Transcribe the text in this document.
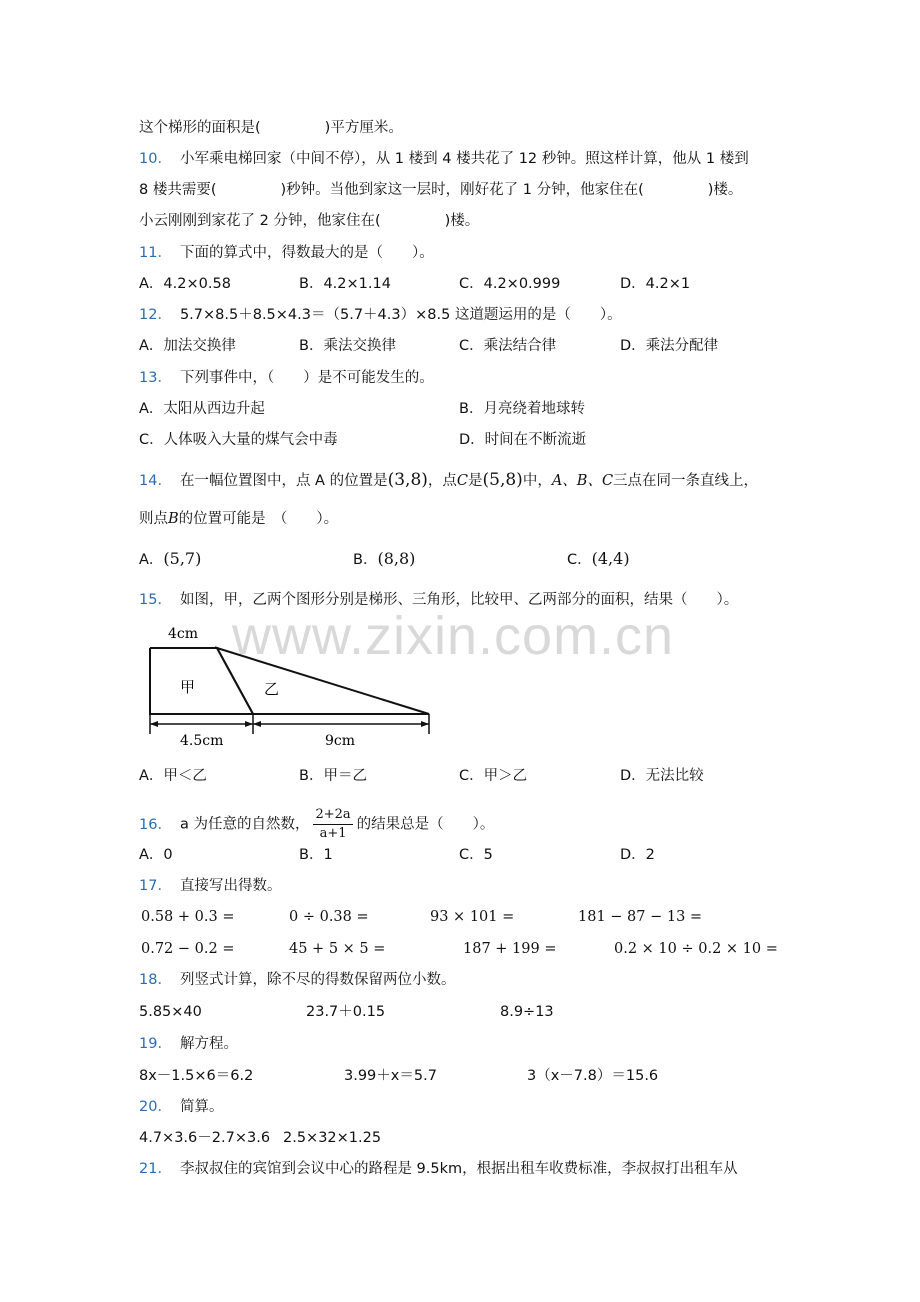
这个梯形的面积是(	)平方厘米。
10． 小军乘电梯回家（中间不停），从 1 楼到 4 楼共花了 12 秒钟。照这样计算，他从 1 楼到
8 楼共需要(	)秒钟。当他到家这一层时，刚好花了 1 分钟，他家住在(	)楼。
小云刚刚到家花了 2 分钟，他家住在(	)楼。
11． 下面的算式中，得数最大的是（　　）。
A．4.2×0.58	B．4.2×1.14	C．4.2×0.999	D．4.2×1
12． 5.7×8.5＋8.5×4.3＝（5.7＋4.3）×8.5 这道题运用的是（　　）。
A．加法交换律	B．乘法交换律	C．乘法结合律	D．乘法分配律
13． 下列事件中，（　　）是不可能发生的。
A．太阳从西边升起	B．月亮绕着地球转
C．人体吸入大量的煤气会中毒	D．时间在不断流逝
14． 在一幅位置图中，点 A 的位置是(3,8)，点C是(5,8)中，A、B、C三点在同一条直线上，
则点B的位置可能是　（　　）。
A．(5,7)	B．(8,8)	C．(4,4)
15． 如图，甲，乙两个图形分别是梯形、三角形，比较甲、乙两部分的面积，结果（　　）。
4cm
甲	乙
4.5cm	9cm
A．甲＜乙	B．甲＝乙	C．甲＞乙	D．无法比较
16． a 为任意的自然数， $\frac{2+2a}{a+1}$ 的结果总是（　　）。
A．0	B．1	C．5	D．2
17． 直接写出得数。
0.58 + 0.3 =	0 ÷ 0.38 =	93 × 101 =	181 − 87 − 13 =
0.72 − 0.2 =	45 + 5 × 5 =	187 + 199 =	0.2 × 10 ÷ 0.2 × 10 =
18． 列竖式计算，除不尽的得数保留两位小数。
5.85×40	23.7＋0.15	8.9÷13
19． 解方程。
8x－1.5×6＝6.2	3.99＋x＝5.7	3（x－7.8）＝15.6
20． 简算。
4.7×3.6－2.7×3.6 2.5×32×1.25
21． 李叔叔住的宾馆到会议中心的路程是 9.5km，根据出租车收费标准，李叔叔打出租车从
www.zixin.com.cn
